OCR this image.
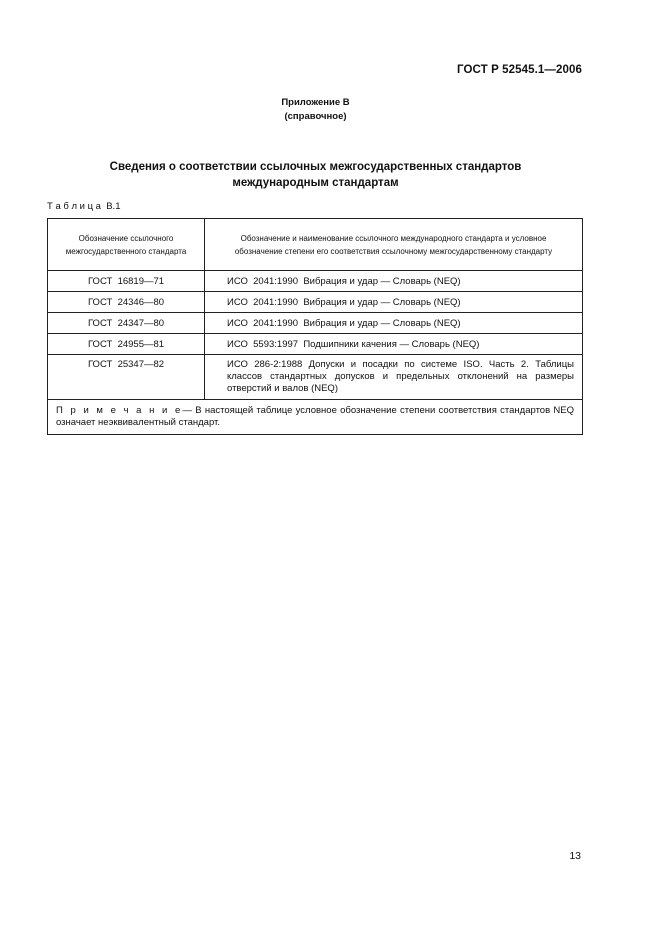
ГОСТ Р 52545.1—2006
Приложение В
(справочное)
Сведения о соответствии ссылочных межгосударственных стандартов
международным стандартам
Т а б л и ц а  В.1
Обозначение ссылочного межгосударственного стандарта	Обозначение и наименование ссылочного международного стандарта и условное обозначение степени его соответствия ссылочному межгосударственному стандарту
ГОСТ  16819—71	ИСО  2041:1990  Вибрация и удар — Словарь (NEQ)
ГОСТ  24346—80	ИСО  2041:1990  Вибрация и удар — Словарь (NEQ)
ГОСТ  24347—80	ИСО  2041:1990  Вибрация и удар — Словарь (NEQ)
ГОСТ  24955—81	ИСО  5593:1997  Подшипники качения — Словарь (NEQ)
ГОСТ  25347—82	ИСО 286-2:1988 Допуски и посадки по системе ISO. Часть 2. Таблицы классов стандартных допусков и предельных отклонений на размеры отверстий и валов (NEQ)
П р и м е ч а н и е— В настоящей таблице условное обозначение степени соответствия стандартов NEQ означает неэквивалентный стандарт.	
13
